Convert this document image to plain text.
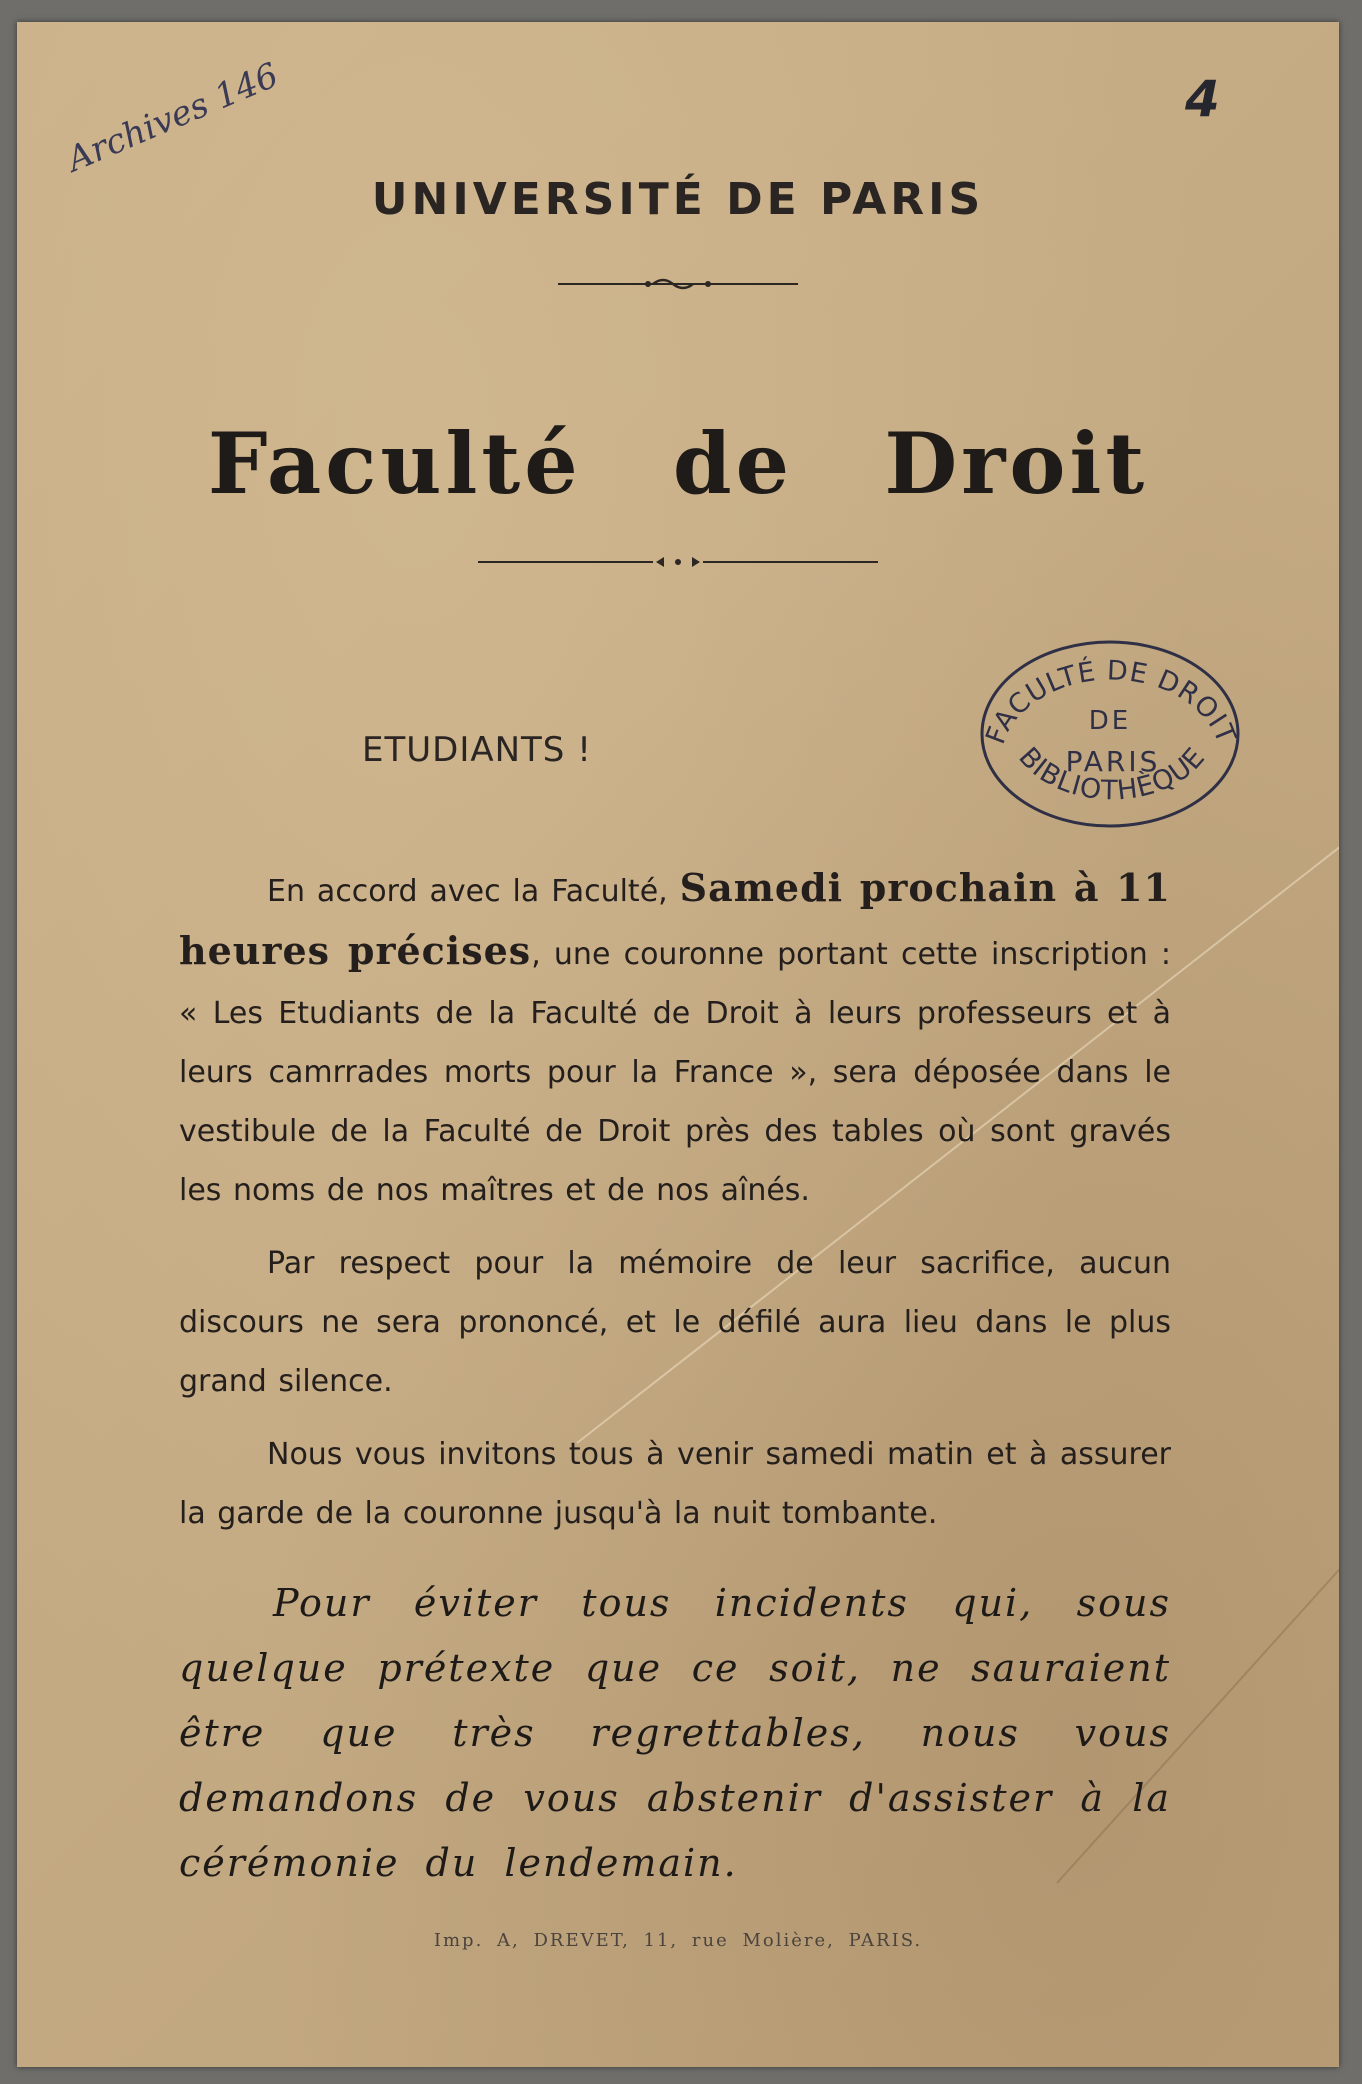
Archives 146	4
UNIVERSITÉ DE PARIS
Faculté de Droit
FACULTÉ DE DROIT
DE
PARIS
BIBLIOTHÈQUE
ETUDIANTS !

En accord avec la Faculté, Samedi prochain à 11 heures précises, une couronne portant cette inscription : « Les Etudiants de la Faculté de Droit à leurs professeurs et à leurs camrrades morts pour la France », sera déposée dans le vestibule de la Faculté de Droit près des tables où sont gravés les noms de nos maîtres et de nos aînés.

Par respect pour la mémoire de leur sacrifice, aucun discours ne sera prononcé, et le défilé aura lieu dans le plus grand silence.

Nous vous invitons tous à venir samedi matin et à assurer la garde de la couronne jusqu'à la nuit tombante.

Pour éviter tous incidents qui, sous quelque prétexte que ce soit, ne sauraient être que très regrettables, nous vous demandons de vous abstenir d'assister à la cérémonie du lendemain.

Imp. A, DREVET, 11, rue Molière, PARIS.
